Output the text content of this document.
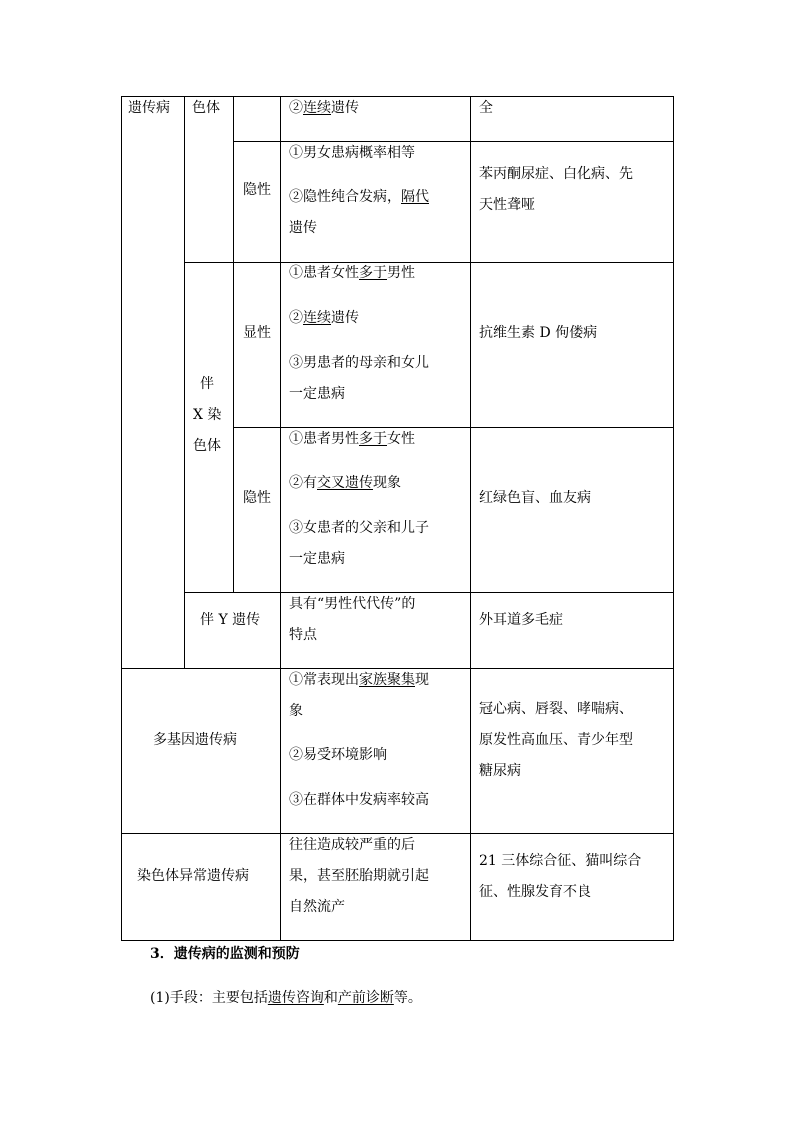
遗传病 色体	②连续遗传	全
隐性
①男女患病概率相等
②隐性纯合发病，隔代
遗传
苯丙酮尿症、白化病、先
天性聋哑
伴
X 染
色体
显性
①患者女性多于男性
②连续遗传
③男患者的母亲和女儿
一定患病
抗维生素 D 佝偻病
隐性
①患者男性多于女性
②有交叉遗传现象
③女患者的父亲和儿子
一定患病
红绿色盲、血友病
伴 Y 遗传
具有“男性代代传”的
特点
外耳道多毛症
多基因遗传病
①常表现出家族聚集现
象
②易受环境影响
③在群体中发病率较高
冠心病、唇裂、哮喘病、
原发性高血压、青少年型
糖尿病
染色体异常遗传病
往往造成较严重的后
果，甚至胚胎期就引起
自然流产
21 三体综合征、猫叫综合
征、性腺发育不良
3．遗传病的监测和预防
(1)手段：主要包括遗传咨询和产前诊断等。
